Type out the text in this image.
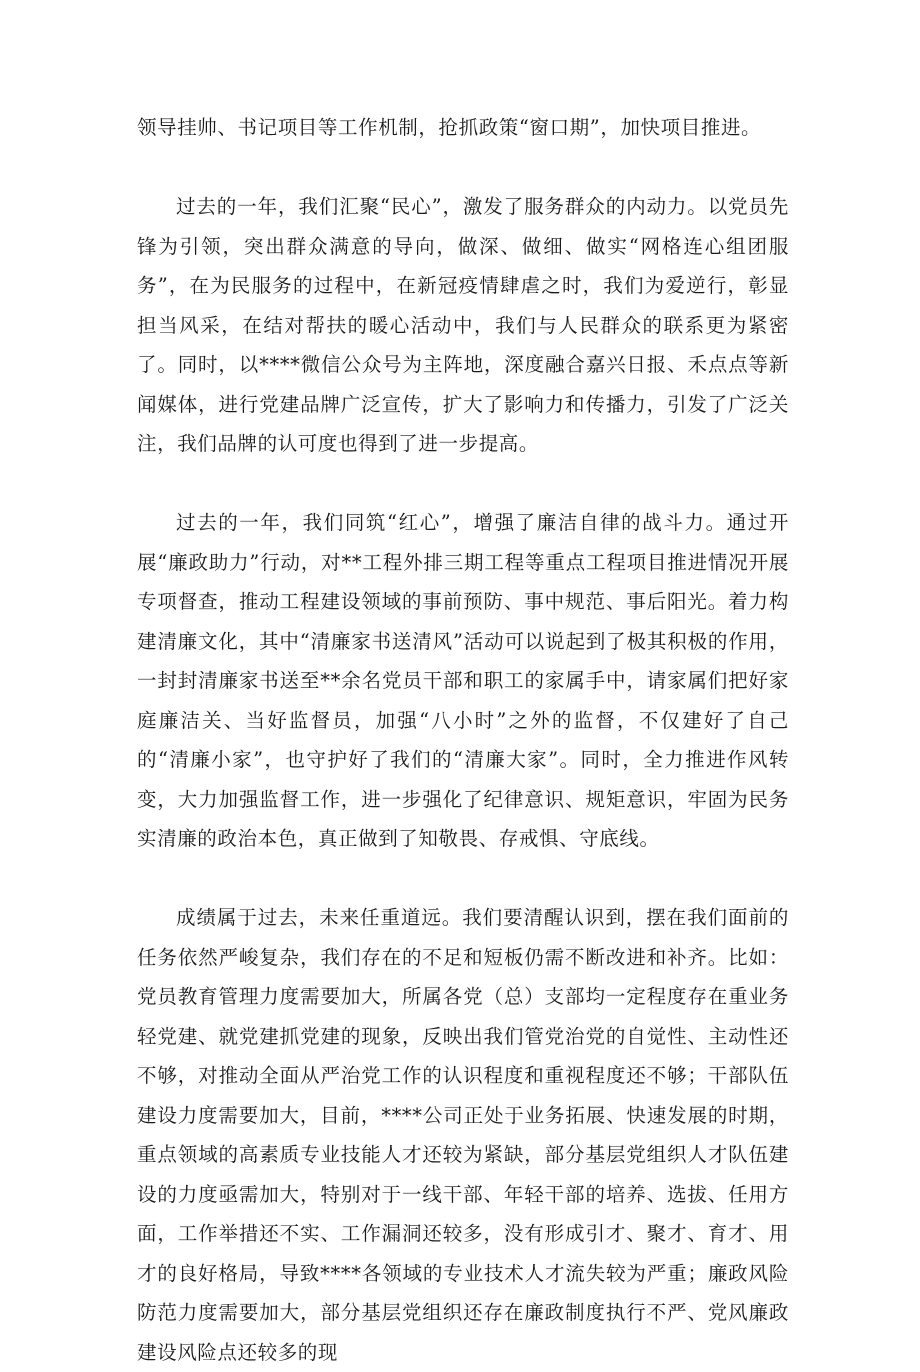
领导挂帅、书记项目等工作机制，抢抓政策“窗口期”，加快项目推进。

过去的一年，我们汇聚“民心”，激发了服务群众的内动力。以党员先锋为引领，突出群众满意的导向，做深、做细、做实“网格连心组团服务”，在为民服务的过程中，在新冠疫情肆虐之时，我们为爱逆行，彰显担当风采，在结对帮扶的暖心活动中，我们与人民群众的联系更为紧密了。同时，以****微信公众号为主阵地，深度融合嘉兴日报、禾点点等新闻媒体，进行党建品牌广泛宣传，扩大了影响力和传播力，引发了广泛关注，我们品牌的认可度也得到了进一步提高。

过去的一年，我们同筑“红心”，增强了廉洁自律的战斗力。通过开展“廉政助力”行动，对**工程外排三期工程等重点工程项目推进情况开展专项督查，推动工程建设领域的事前预防、事中规范、事后阳光。着力构建清廉文化，其中“清廉家书送清风”活动可以说起到了极其积极的作用，一封封清廉家书送至**余名党员干部和职工的家属手中，请家属们把好家庭廉洁关、当好监督员，加强“八小时”之外的监督，不仅建好了自己的“清廉小家”，也守护好了我们的“清廉大家”。同时，全力推进作风转变，大力加强监督工作，进一步强化了纪律意识、规矩意识，牢固为民务实清廉的政治本色，真正做到了知敬畏、存戒惧、守底线。

成绩属于过去，未来任重道远。我们要清醒认识到，摆在我们面前的任务依然严峻复杂，我们存在的不足和短板仍需不断改进和补齐。比如：党员教育管理力度需要加大，所属各党（总）支部均一定程度存在重业务轻党建、就党建抓党建的现象，反映出我们管党治党的自觉性、主动性还不够，对推动全面从严治党工作的认识程度和重视程度还不够；干部队伍建设力度需要加大，目前，****公司正处于业务拓展、快速发展的时期，重点领域的高素质专业技能人才还较为紧缺，部分基层党组织人才队伍建设的力度亟需加大，特别对于一线干部、年轻干部的培养、选拔、任用方面，工作举措还不实、工作漏洞还较多，没有形成引才、聚才、育才、用才的良好格局，导致****各领域的专业技术人才流失较为严重；廉政风险防范力度需要加大，部分基层党组织还存在廉政制度执行不严、党风廉政建设风险点还较多的现
